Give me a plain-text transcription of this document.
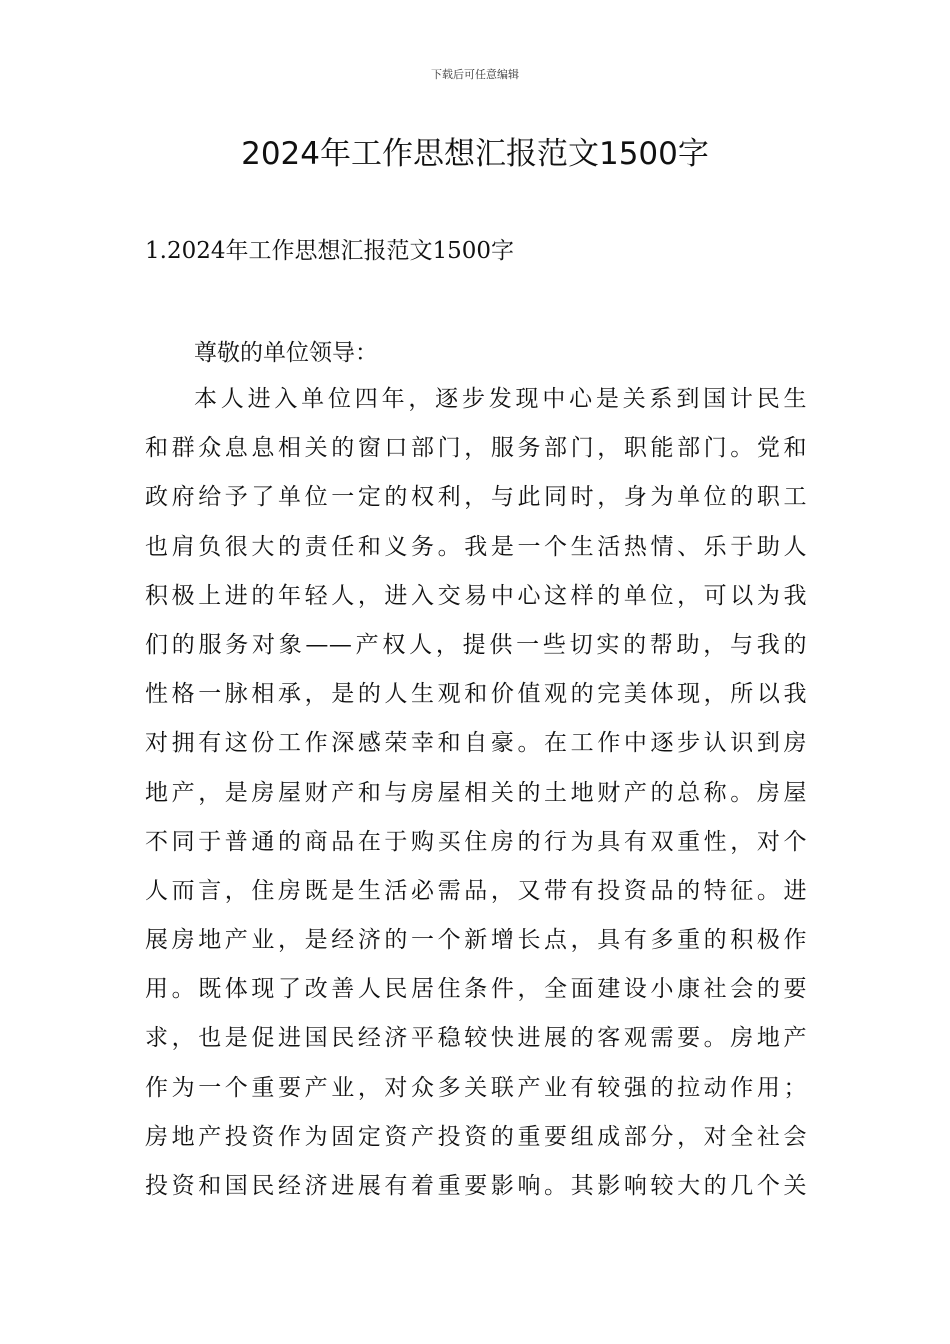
下载后可任意编辑
2024年工作思想汇报范文1500字
1.2024年工作思想汇报范文1500字

尊敬的单位领导：

本人进入单位四年，逐步发现中心是关系到国计民生
和群众息息相关的窗口部门，服务部门，职能部门。党和
政府给予了单位一定的权利，与此同时，身为单位的职工
也肩负很大的责任和义务。我是一个生活热情、乐于助人
积极上进的年轻人，进入交易中心这样的单位，可以为我
们的服务对象——产权人，提供一些切实的帮助，与我的
性格一脉相承，是的人生观和价值观的完美体现，所以我
对拥有这份工作深感荣幸和自豪。在工作中逐步认识到房
地产，是房屋财产和与房屋相关的土地财产的总称。房屋
不同于普通的商品在于购买住房的行为具有双重性，对个
人而言，住房既是生活必需品，又带有投资品的特征。进
展房地产业，是经济的一个新增长点，具有多重的积极作
用。既体现了改善人民居住条件，全面建设小康社会的要
求，也是促进国民经济平稳较快进展的客观需要。房地产
作为一个重要产业，对众多关联产业有较强的拉动作用；
房地产投资作为固定资产投资的重要组成部分，对全社会
投资和国民经济进展有着重要影响。其影响较大的几个关
